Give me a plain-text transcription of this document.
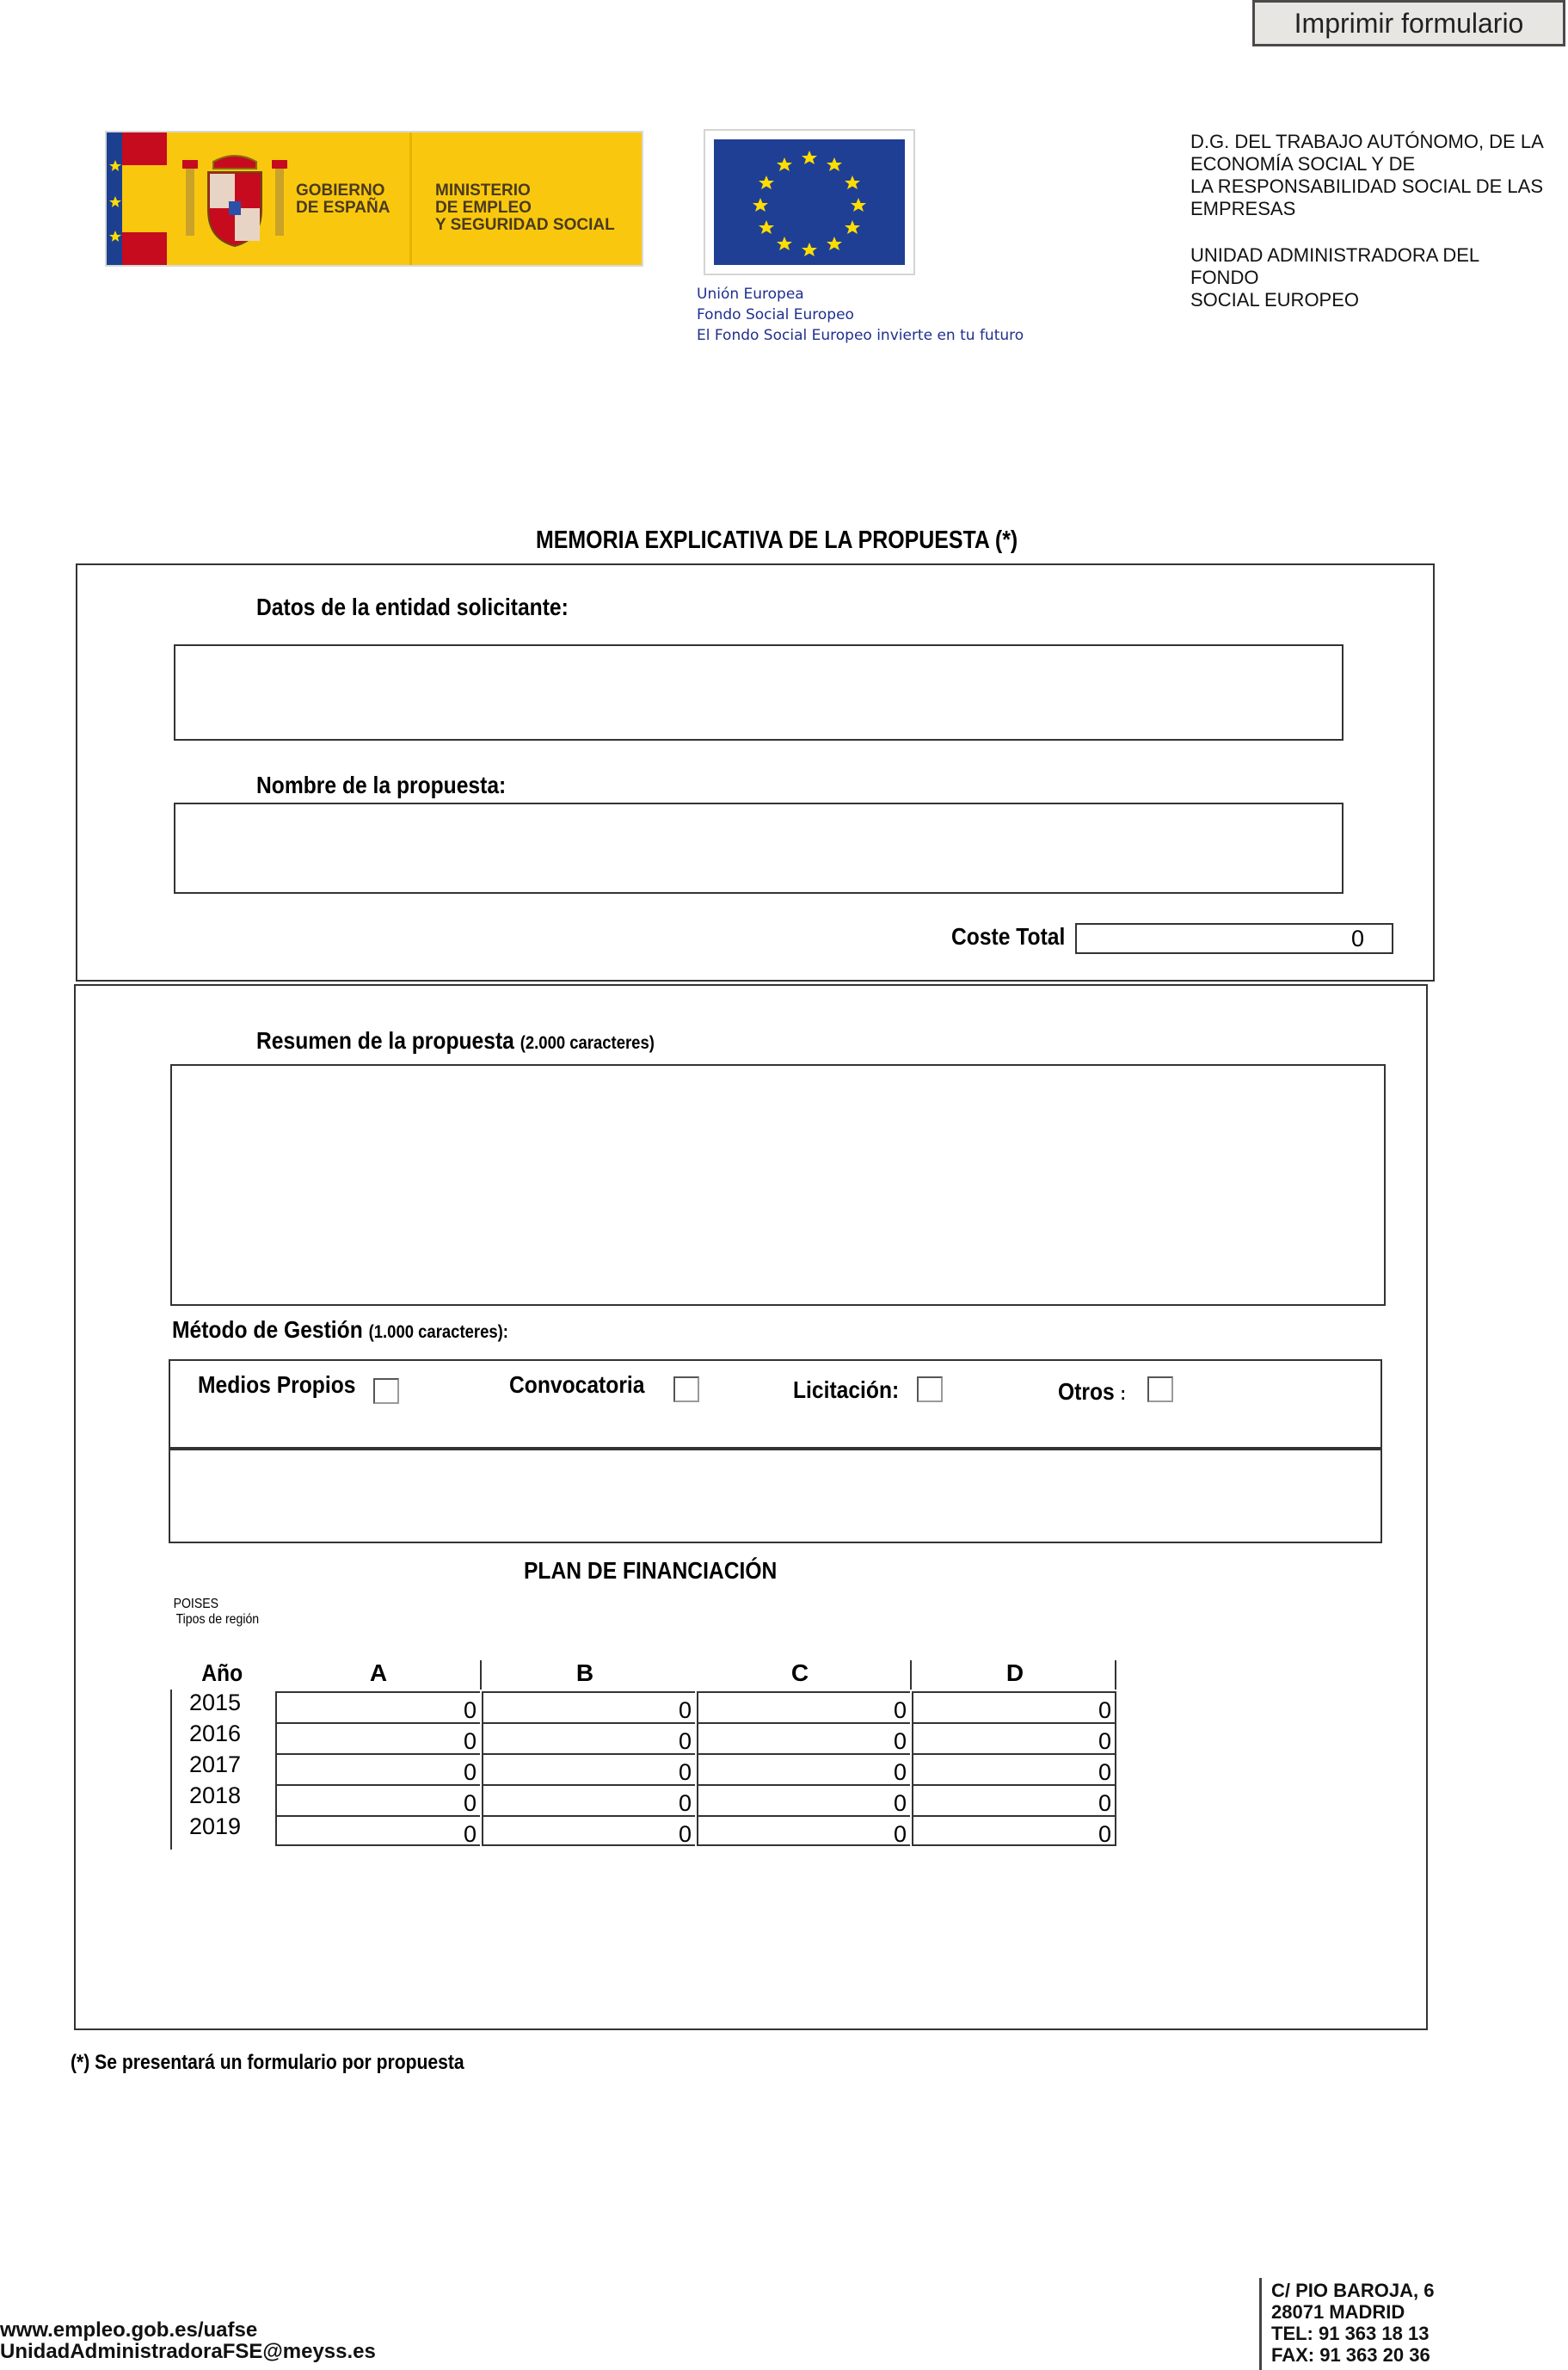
Imprimir formulario
GOBIERNO
DE ESPAÑA
MINISTERIO
DE EMPLEO
Y SEGURIDAD SOCIAL
Unión Europea
Fondo Social Europeo
El Fondo Social Europeo invierte en tu futuro
D.G. DEL TRABAJO AUTÓNOMO, DE LA
ECONOMÍA SOCIAL Y DE
LA RESPONSABILIDAD SOCIAL DE LAS
EMPRESAS
UNIDAD ADMINISTRADORA DEL FONDO
SOCIAL EUROPEO
MEMORIA EXPLICATIVA DE LA PROPUESTA (*)
Datos de la entidad solicitante:
Nombre de la propuesta:
Coste Total	0
Resumen de la propuesta (2.000 caracteres)
Método de Gestión (1.000 caracteres):
Medios Propios	Convocatoria	Licitación:	Otros :
PLAN DE FINANCIACIÓN
POISES
Tipos de región
Año	A	B	C	D
2015	0	0	0	0
2016	0	0	0	0
2017	0	0	0	0
2018	0	0	0	0
2019	0	0	0	0
(*) Se presentará un formulario por propuesta
www.empleo.gob.es/uafse
UnidadAdministradoraFSE@meyss.es
C/ PIO BAROJA, 6
28071 MADRID
TEL: 91 363 18 13
FAX: 91 363 20 36
